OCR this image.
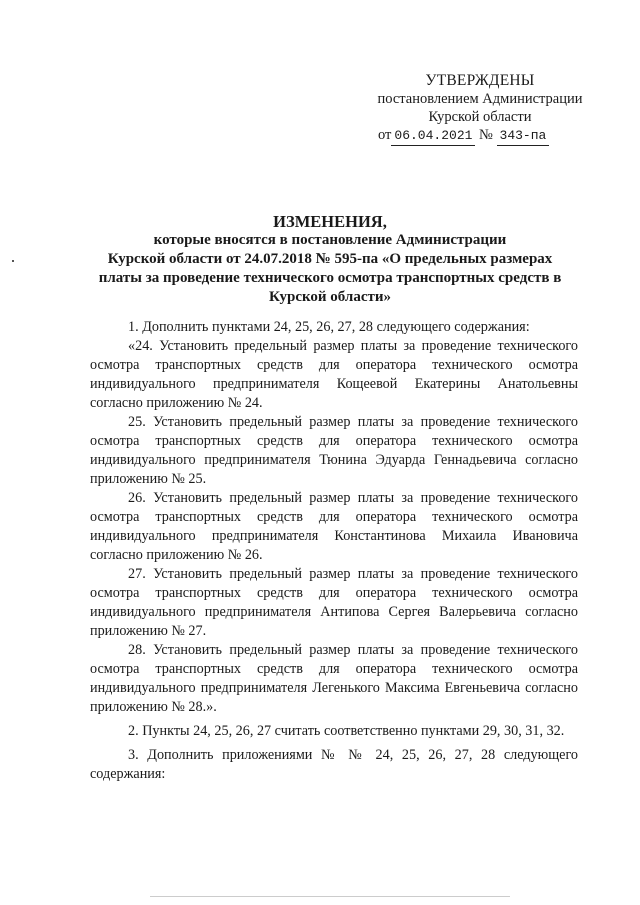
УТВЕРЖДЕНЫ
постановлением Администрации
Курской области
от 06.04.2021 № 343-па
ИЗМЕНЕНИЯ,
которые вносятся в постановление Администрации
Курской области от 24.07.2018 № 595-па «О предельных размерах
платы за проведение технического осмотра транспортных средств в
Курской области»

1. Дополнить пунктами 24, 25, 26, 27, 28 следующего содержания:

«24. Установить предельный размер платы за проведение технического осмотра транспортных средств для оператора технического осмотра индивидуального предпринимателя Кощеевой Екатерины Анатольевны согласно приложению № 24.

25. Установить предельный размер платы за проведение технического осмотра транспортных средств для оператора технического осмотра индивидуального предпринимателя Тюнина Эдуарда Геннадьевича согласно приложению № 25.

26. Установить предельный размер платы за проведение технического осмотра транспортных средств для оператора технического осмотра индивидуального предпринимателя Константинова Михаила Ивановича согласно приложению № 26.

27. Установить предельный размер платы за проведение технического осмотра транспортных средств для оператора технического осмотра индивидуального предпринимателя Антипова Сергея Валерьевича согласно приложению № 27.

28. Установить предельный размер платы за проведение технического осмотра транспортных средств для оператора технического осмотра индивидуального предпринимателя Легенького Максима Евгеньевича согласно приложению № 28.».

2. Пункты 24, 25, 26, 27 считать соответственно пунктами 29, 30, 31, 32.

3. Дополнить приложениями № № 24, 25, 26, 27, 28 следующего содержания:
